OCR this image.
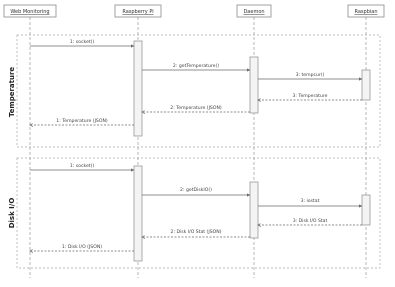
Temperature
Disk I/O
Web Monitoring	Raspberry Pi	Daemon	Raspbian
1: socket()
2: getTemperature()
3: tempcur()
3: Temperature
2: Temperature (JSON)
1: Temperature (JSON)
1: socket()
2: getDiskIO()
3: iostat
3: Disk I/O Stat
2: Disk I/O Stat (JSON)
1: Disk I/O (JSON)
